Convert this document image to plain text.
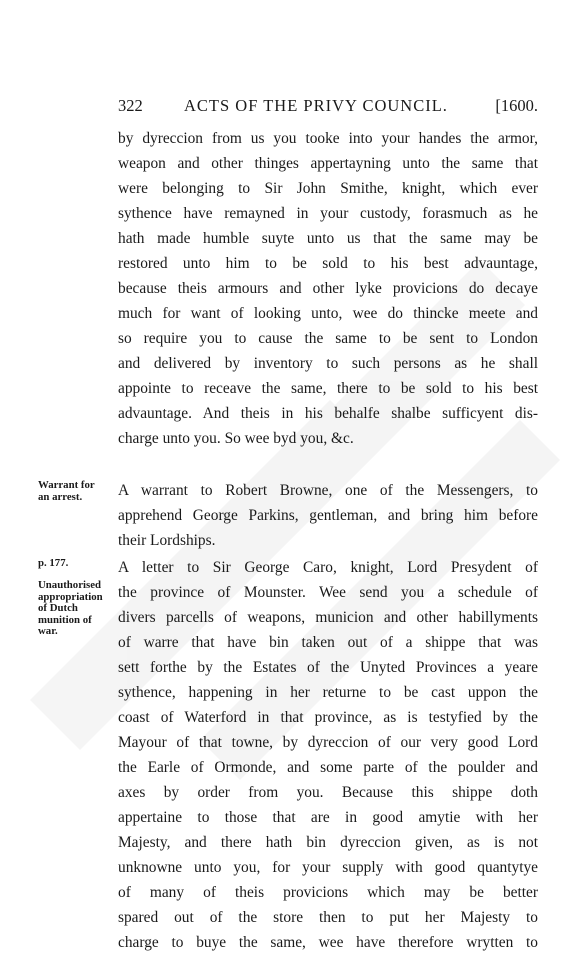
322	ACTS OF THE PRIVY COUNCIL.	[1600.
Warrant for
an arrest.
p. 177.
Unauthorised
appropriation
of Dutch
munition of
war.
by dyreccion from us you tooke into your handes the armor,
weapon and other thinges appertayning unto the same that
were belonging to Sir John Smithe, knight, which ever
sythence have remayned in your custody, forasmuch as he
hath made humble suyte unto us that the same may be
restored unto him to be sold to his best advauntage,
because theis armours and other lyke provicions do decaye
much for want of looking unto, wee do thincke meete and
so require you to cause the same to be sent to London
and delivered by inventory to such persons as he shall
appointe to receave the same, there to be sold to his best
advauntage. And theis in his behalfe shalbe sufficyent dis-
charge unto you. So wee byd you, &c.
A warrant to Robert Browne, one of the Messengers, to
apprehend George Parkins, gentleman, and bring him before
their Lordships.
A letter to Sir George Caro, knight, Lord Presydent of
the province of Mounster. Wee send you a schedule of
divers parcells of weapons, municion and other habillyments
of warre that have bin taken out of a shippe that was
sett forthe by the Estates of the Unyted Provinces a yeare
sythence, happening in her returne to be cast uppon the
coast of Waterford in that province, as is testyfied by the
Mayour of that towne, by dyreccion of our very good Lord
the Earle of Ormonde, and some parte of the poulder and
axes by order from you. Because this shippe doth
appertaine to those that are in good amytie with her
Majesty, and there hath bin dyreccion given, as is not
unknowne unto you, for your supply with good quantytye
of many of theis provicions which may be better
spared out of the store then to put her Majesty to
charge to buye the same, wee have therefore wrytten to
